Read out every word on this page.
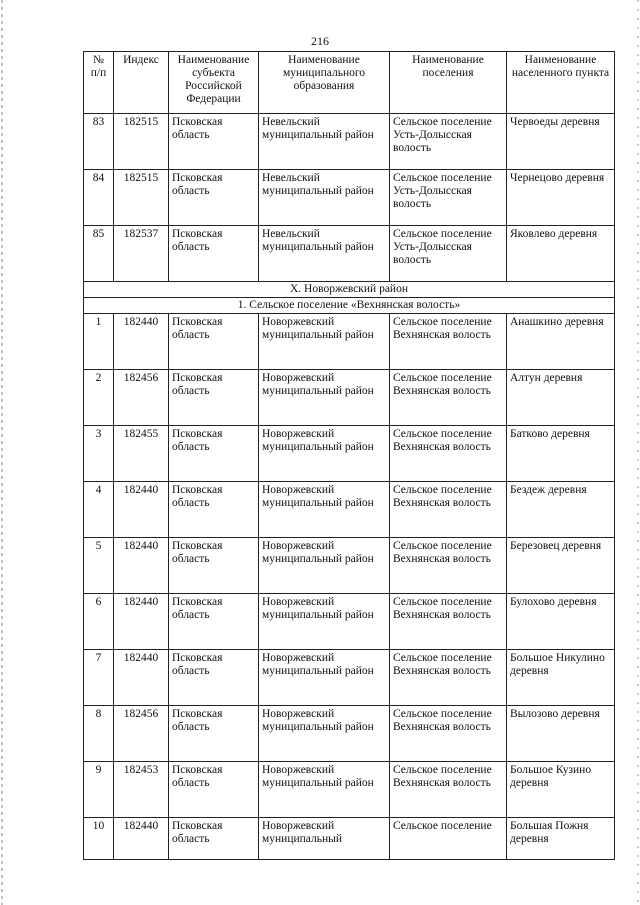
216
№ п/п	Индекс	Наименование субъекта Российской Федерации	Наименование муниципального образования	Наименование поселения	Наименование населенного пункта
83	182515	Псковская область	Невельский муниципальный район	Сельское поселение Усть-Долысская волость	Червоеды деревня
84	182515	Псковская область	Невельский муниципальный район	Сельское поселение Усть-Долысская волость	Чернецово деревня
85	182537	Псковская область	Невельский муниципальный район	Сельское поселение Усть-Долысская волость	Яковлево деревня
X. Новоржевский район					
1. Сельское поселение «Вехнянская волость»					
1	182440	Псковская область	Новоржевский муниципальный район	Сельское поселение Вехнянская волость	Анашкино деревня
2	182456	Псковская область	Новоржевский муниципальный район	Сельское поселение Вехнянская волость	Алтун деревня
3	182455	Псковская область	Новоржевский муниципальный район	Сельское поселение Вехнянская волость	Батково деревня
4	182440	Псковская область	Новоржевский муниципальный район	Сельское поселение Вехнянская волость	Бездеж деревня
5	182440	Псковская область	Новоржевский муниципальный район	Сельское поселение Вехнянская волость	Березовец деревня
6	182440	Псковская область	Новоржевский муниципальный район	Сельское поселение Вехнянская волость	Булохово деревня
7	182440	Псковская область	Новоржевский муниципальный район	Сельское поселение Вехнянская волость	Большое Никулино деревня
8	182456	Псковская область	Новоржевский муниципальный район	Сельское поселение Вехнянская волость	Вылозово деревня
9	182453	Псковская область	Новоржевский муниципальный район	Сельское поселение Вехнянская волость	Большое Кузино деревня
10	182440	Псковская область	Новоржевский муниципальный	Сельское поселение	Большая Пожня деревня
